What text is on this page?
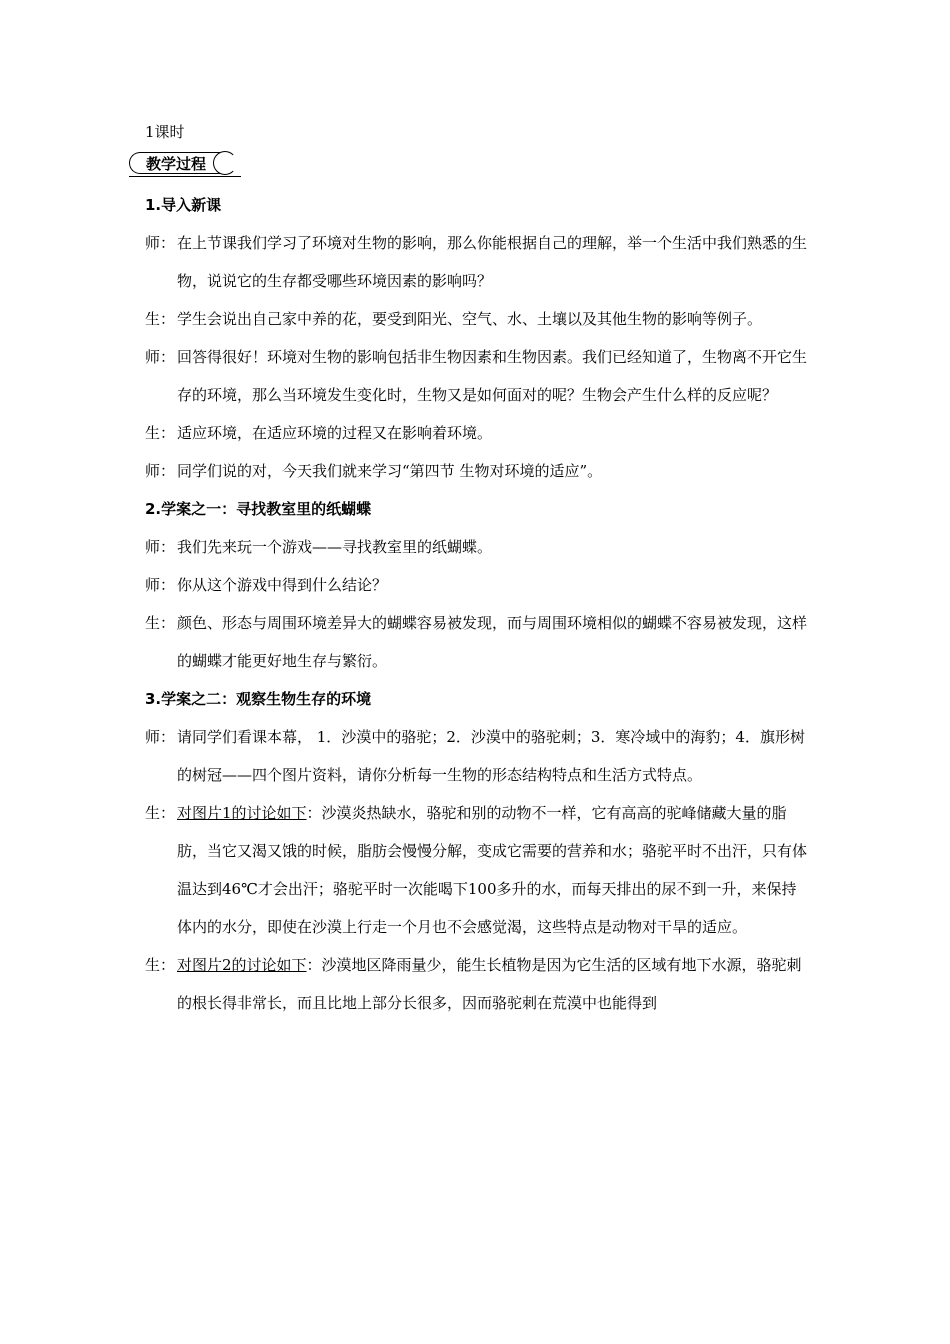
1课时

教学过程
1.导入新课

师： 在上节课我们学习了环境对生物的影响，那么你能根据自己的理解，举一个生活中我们熟悉的生物，说说它的生存都受哪些环境因素的影响吗？

生： 学生会说出自己家中养的花，要受到阳光、空气、水、土壤以及其他生物的影响等例子。

师： 回答得很好！环境对生物的影响包括非生物因素和生物因素。我们已经知道了，生物离不开它生存的环境，那么当环境发生变化时，生物又是如何面对的呢？生物会产生什么样的反应呢？

生： 适应环境，在适应环境的过程又在影响着环境。

师： 同学们说的对，今天我们就来学习“第四节 生物对环境的适应”。

2.学案之一：寻找教室里的纸蝴蝶

师： 我们先来玩一个游戏——寻找教室里的纸蝴蝶。

师： 你从这个游戏中得到什么结论？

生： 颜色、形态与周围环境差异大的蝴蝶容易被发现，而与周围环境相似的蝴蝶不容易被发现，这样的蝴蝶才能更好地生存与繁衍。

3.学案之二：观察生物生存的环境

师： 请同学们看课本幕， 1．沙漠中的骆驼；2．沙漠中的骆驼刺；3．寒冷域中的海豹；4．旗形树的树冠——四个图片资料，请你分析每一生物的形态结构特点和生活方式特点。

生： 对图片1的讨论如下：沙漠炎热缺水，骆驼和别的动物不一样，它有高高的驼峰储藏大量的脂肪，当它又渴又饿的时候，脂肪会慢慢分解，变成它需要的营养和水；骆驼平时不出汗，只有体温达到46℃才会出汗；骆驼平时一次能喝下100多升的水，而每天排出的尿不到一升，来保持体内的水分，即使在沙漠上行走一个月也不会感觉渴，这些特点是动物对干旱的适应。

生： 对图片2的讨论如下：沙漠地区降雨量少，能生长植物是因为它生活的区域有地下水源，骆驼刺的根长得非常长，而且比地上部分长很多，因而骆驼刺在荒漠中也能得到
